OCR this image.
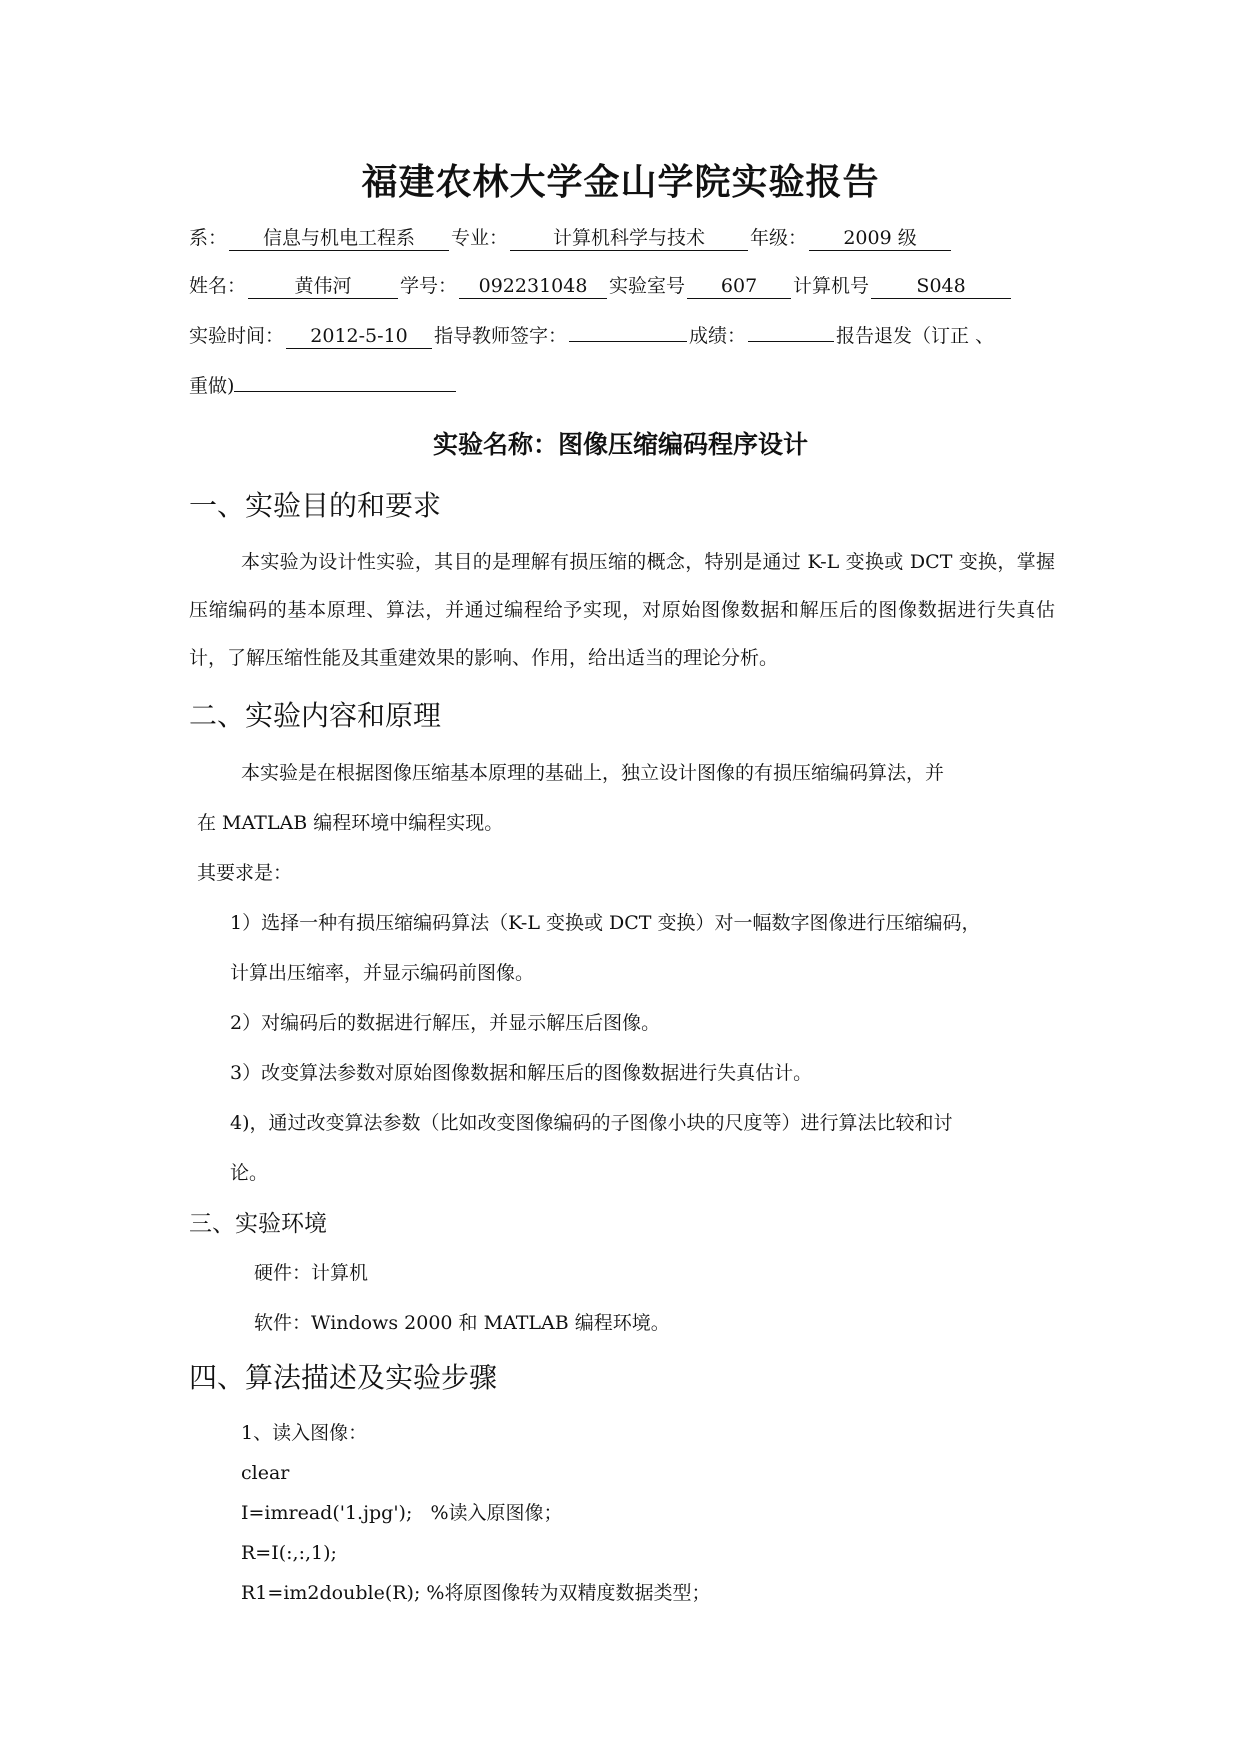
福建农林大学金山学院实验报告
系： 信息与机电工程系 专业： 计算机科学与技术 年级： 2009 级
姓名：	黄伟河	学号： 092231048 实验室号 607 计算机号 S048
实验时间： 2012-5-10 指导教师签字：	成绩：	报告退发（订正 、
重做)
实验名称：图像压缩编码程序设计
一、实验目的和要求
本实验为设计性实验，其目的是理解有损压缩的概念，特别是通过 K-L 变换或 DCT 变换，掌握压缩编码的基本原理、算法，并通过编程给予实现，对原始图像数据和解压后的图像数据进行失真估计，了解压缩性能及其重建效果的影响、作用，给出适当的理论分析。
二、实验内容和原理
本实验是在根据图像压缩基本原理的基础上，独立设计图像的有损压缩编码算法，并
在 MATLAB 编程环境中编程实现。
其要求是：
1）选择一种有损压缩编码算法（K-L 变换或 DCT 变换）对一幅数字图像进行压缩编码，
计算出压缩率，并显示编码前图像。
2）对编码后的数据进行解压，并显示解压后图像。
3）改变算法参数对原始图像数据和解压后的图像数据进行失真估计。
4)，通过改变算法参数（比如改变图像编码的子图像小块的尺度等）进行算法比较和讨
论。
三、实验环境
硬件：计算机
软件：Windows 2000 和 MATLAB 编程环境。
四、算法描述及实验步骤
1、读入图像：
clear
I=imread('1.jpg');   %读入原图像；
R=I(:,:,1);
R1=im2double(R); %将原图像转为双精度数据类型；
